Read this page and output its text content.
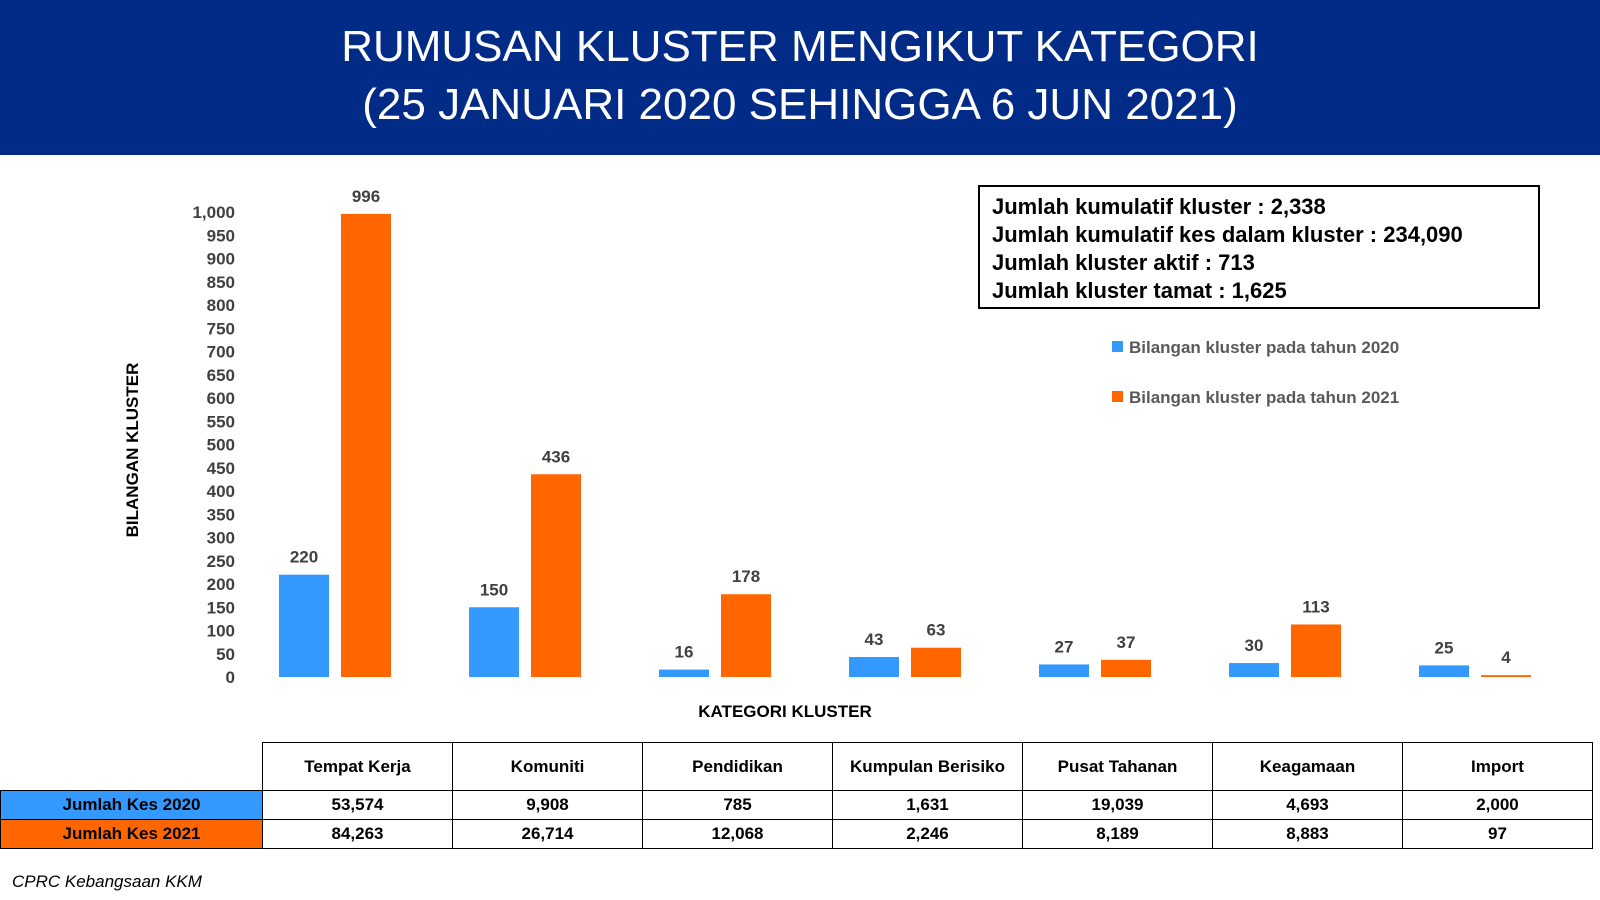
RUMUSAN KLUSTER MENGIKUT KATEGORI
(25 JANUARI 2020 SEHINGGA 6 JUN 2021)
0
50
100
150
200
250
300
350
400
450
500
550
600
650
700
750
800
850
900
950
1,000
BILANGAN KLUSTER
KATEGORI KLUSTER
220
996
150
436
16
178
43	63
27	37	30
113
25
4
Jumlah kumulatif kluster : 2,338
Jumlah kumulatif kes dalam kluster : 234,090
Jumlah kluster aktif : 713
Jumlah kluster tamat : 1,625
Bilangan kluster pada tahun 2020
Bilangan kluster pada tahun 2021
	Tempat Kerja	Komuniti	Pendidikan	Kumpulan Berisiko	Pusat Tahanan	Keagamaan	Import
Jumlah Kes 2020	53,574	9,908	785	1,631	19,039	4,693	2,000
Jumlah Kes 2021	84,263	26,714	12,068	2,246	8,189	8,883	97
CPRC Kebangsaan KKM
